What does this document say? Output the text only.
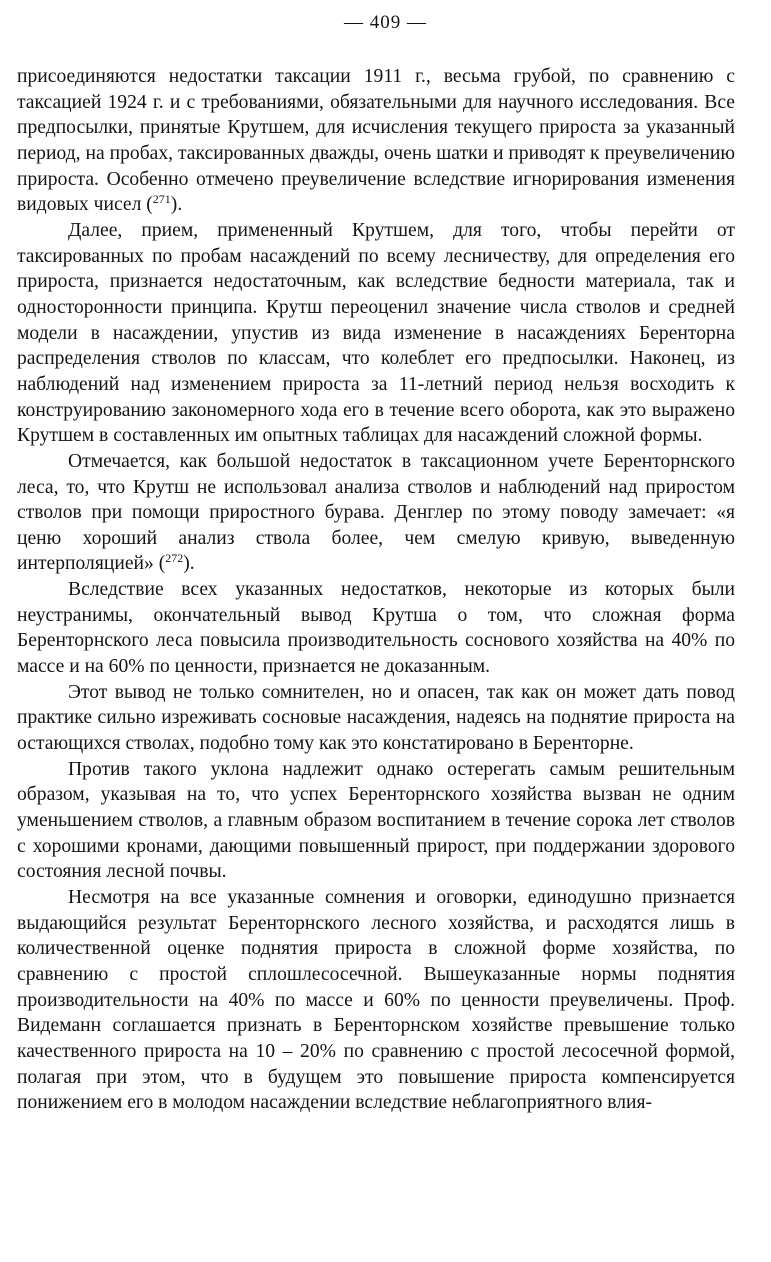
— 409 —

присоединяются недостатки таксации 1911 г., весьма грубой, по сравнению с таксацией 1924 г. и с требованиями, обязательными для научного исследования. Все предпосылки, принятые Крутшем, для исчисления текущего прироста за указанный период, на пробах, таксированных дважды, очень шатки и приводят к преувеличению прироста. Особенно отмечено преувеличение вследствие игнорирования изменения видовых чисел ($^{271}$).

Далее, прием, примененный Крутшем, для того, чтобы перейти от таксированных по пробам насаждений по всему лесничеству, для определения его прироста, признается недостаточным, как вследствие бедности материала, так и односторонности принципа. Крутш переоценил значение числа стволов и средней модели в насаждении, упустив из вида изменение в насаждениях Беренторна распределения стволов по классам, что колеблет его предпосылки. Наконец, из наблюдений над изменением прироста за 11-летний период нельзя восходить к конструированию закономерного хода его в течение всего оборота, как это выражено Крутшем в составленных им опытных таблицах для насаждений сложной формы.

Отмечается, как большой недостаток в таксационном учете Беренторнского леса, то, что Крутш не использовал анализа стволов и наблюдений над приростом стволов при помощи приростного бурава. Денглер по этому поводу замечает: «я ценю хороший анализ ствола более, чем смелую кривую, выведенную интерполяцией» ($^{272}$).

Вследствие всех указанных недостатков, некоторые из которых были неустранимы, окончательный вывод Крутша о том, что сложная форма Беренторнского леса повысила производительность соснового хозяйства на 40% по массе и на 60% по ценности, признается не доказанным.

Этот вывод не только сомнителен, но и опасен, так как он может дать повод практике сильно изреживать сосновые насаждения, надеясь на поднятие прироста на остающихся стволах, подобно тому как это констатировано в Беренторне.

Против такого уклона надлежит однако остерегать самым решительным образом, указывая на то, что успех Беренторнского хозяйства вызван не одним уменьшением стволов, а главным образом воспитанием в течение сорока лет стволов с хорошими кронами, дающими повышенный прирост, при поддержании здорового состояния лесной почвы.

Несмотря на все указанные сомнения и оговорки, единодушно признается выдающийся результат Беренторнского лесного хозяйства, и расходятся лишь в количественной оценке поднятия прироста в сложной форме хозяйства, по сравнению с простой сплошлесосечной. Вышеуказанные нормы поднятия производительности на 40% по массе и 60% по ценности преувеличены. Проф. Видеманн соглашается признать в Беренторнском хозяйстве превышение только качественного прироста на 10 – 20% по сравнению с простой лесосечной формой, полагая при этом, что в будущем это повышение прироста компенсируется понижением его в молодом насаждении вследствие неблагоприятного влия-
